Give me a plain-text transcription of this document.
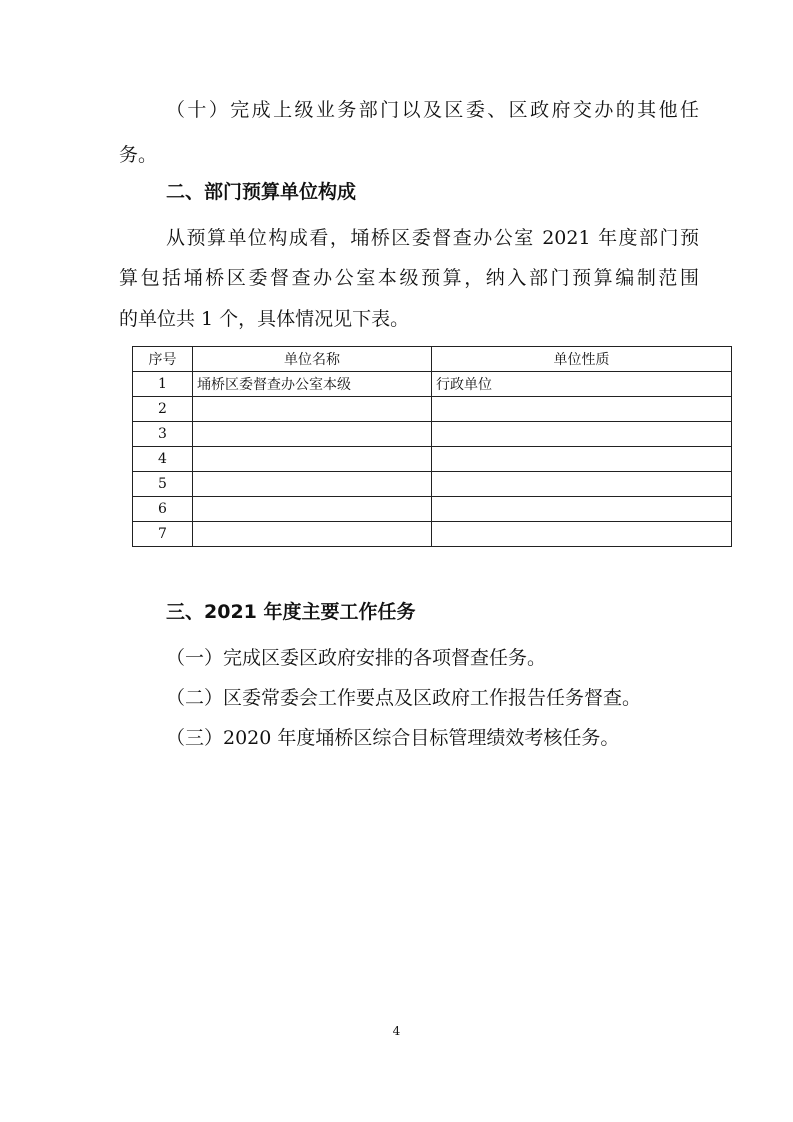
（十）完成上级业务部门以及区委、区政府交办的其他任
务。
二、部门预算单位构成
从预算单位构成看，埇桥区委督查办公室 2021 年度部门预
算包括埇桥区委督查办公室本级预算，纳入部门预算编制范围
的单位共 1 个，具体情况见下表。
序号	单位名称	单位性质
1	埇桥区委督查办公室本级	行政单位
2		
3		
4		
5		
6		
7		
三、2021 年度主要工作任务
（一）完成区委区政府安排的各项督查任务。
（二）区委常委会工作要点及区政府工作报告任务督查。
（三）2020 年度埇桥区综合目标管理绩效考核任务。
4
